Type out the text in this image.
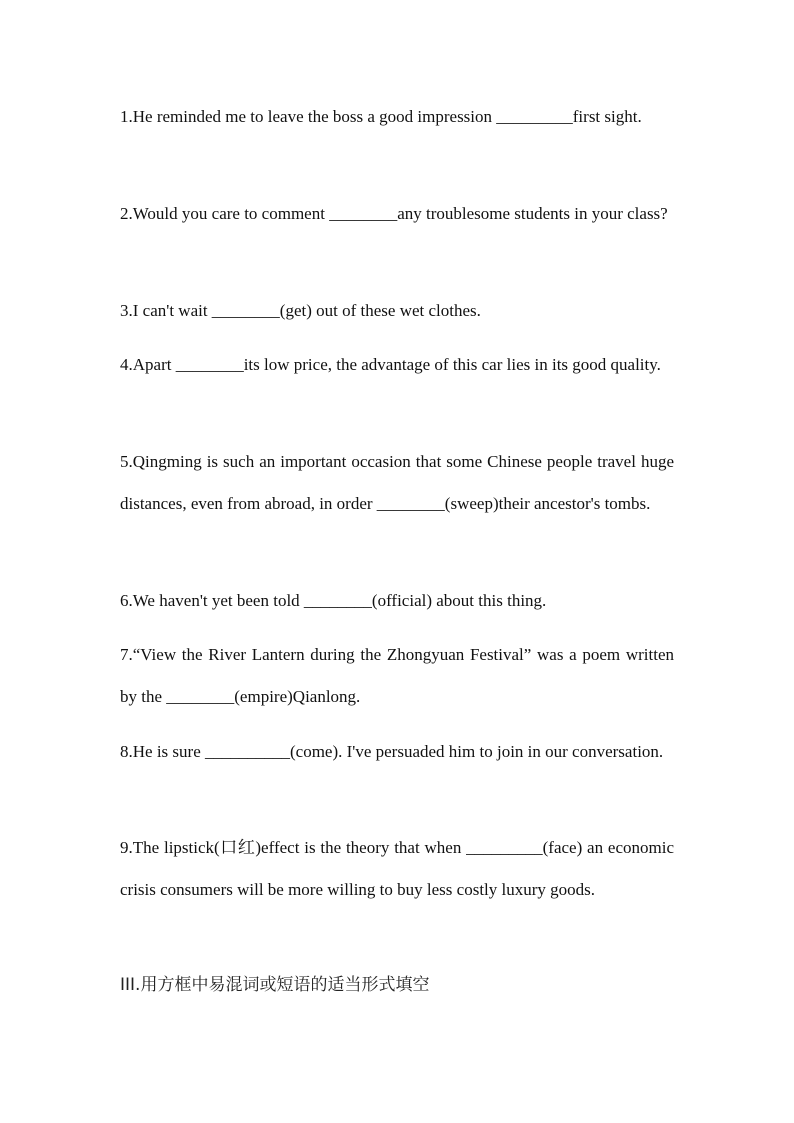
1.He reminded me to leave the boss a good impression _________first sight.

2.Would you care to comment ________any troublesome students in your class?

3.I can't wait ________(get) out of these wet clothes.

4.Apart ________its low price, the advantage of this car lies in its good quality.

5.Qingming is such an important occasion that some Chinese people travel huge distances, even from abroad, in order ________(sweep)their ancestor's tombs.

6.We haven't yet been told ________(official) about this thing.

7.“View the River Lantern during the Zhongyuan Festival” was a poem written by the ________(empire)Qianlong.

8.He is sure __________(come). I've persuaded him to join in our conversation.

9.The lipstick(口红)effect is the theory that when _________(face) an economic crisis consumers will be more willing to buy less costly luxury goods.

III.用方框中易混词或短语的适当形式填空
